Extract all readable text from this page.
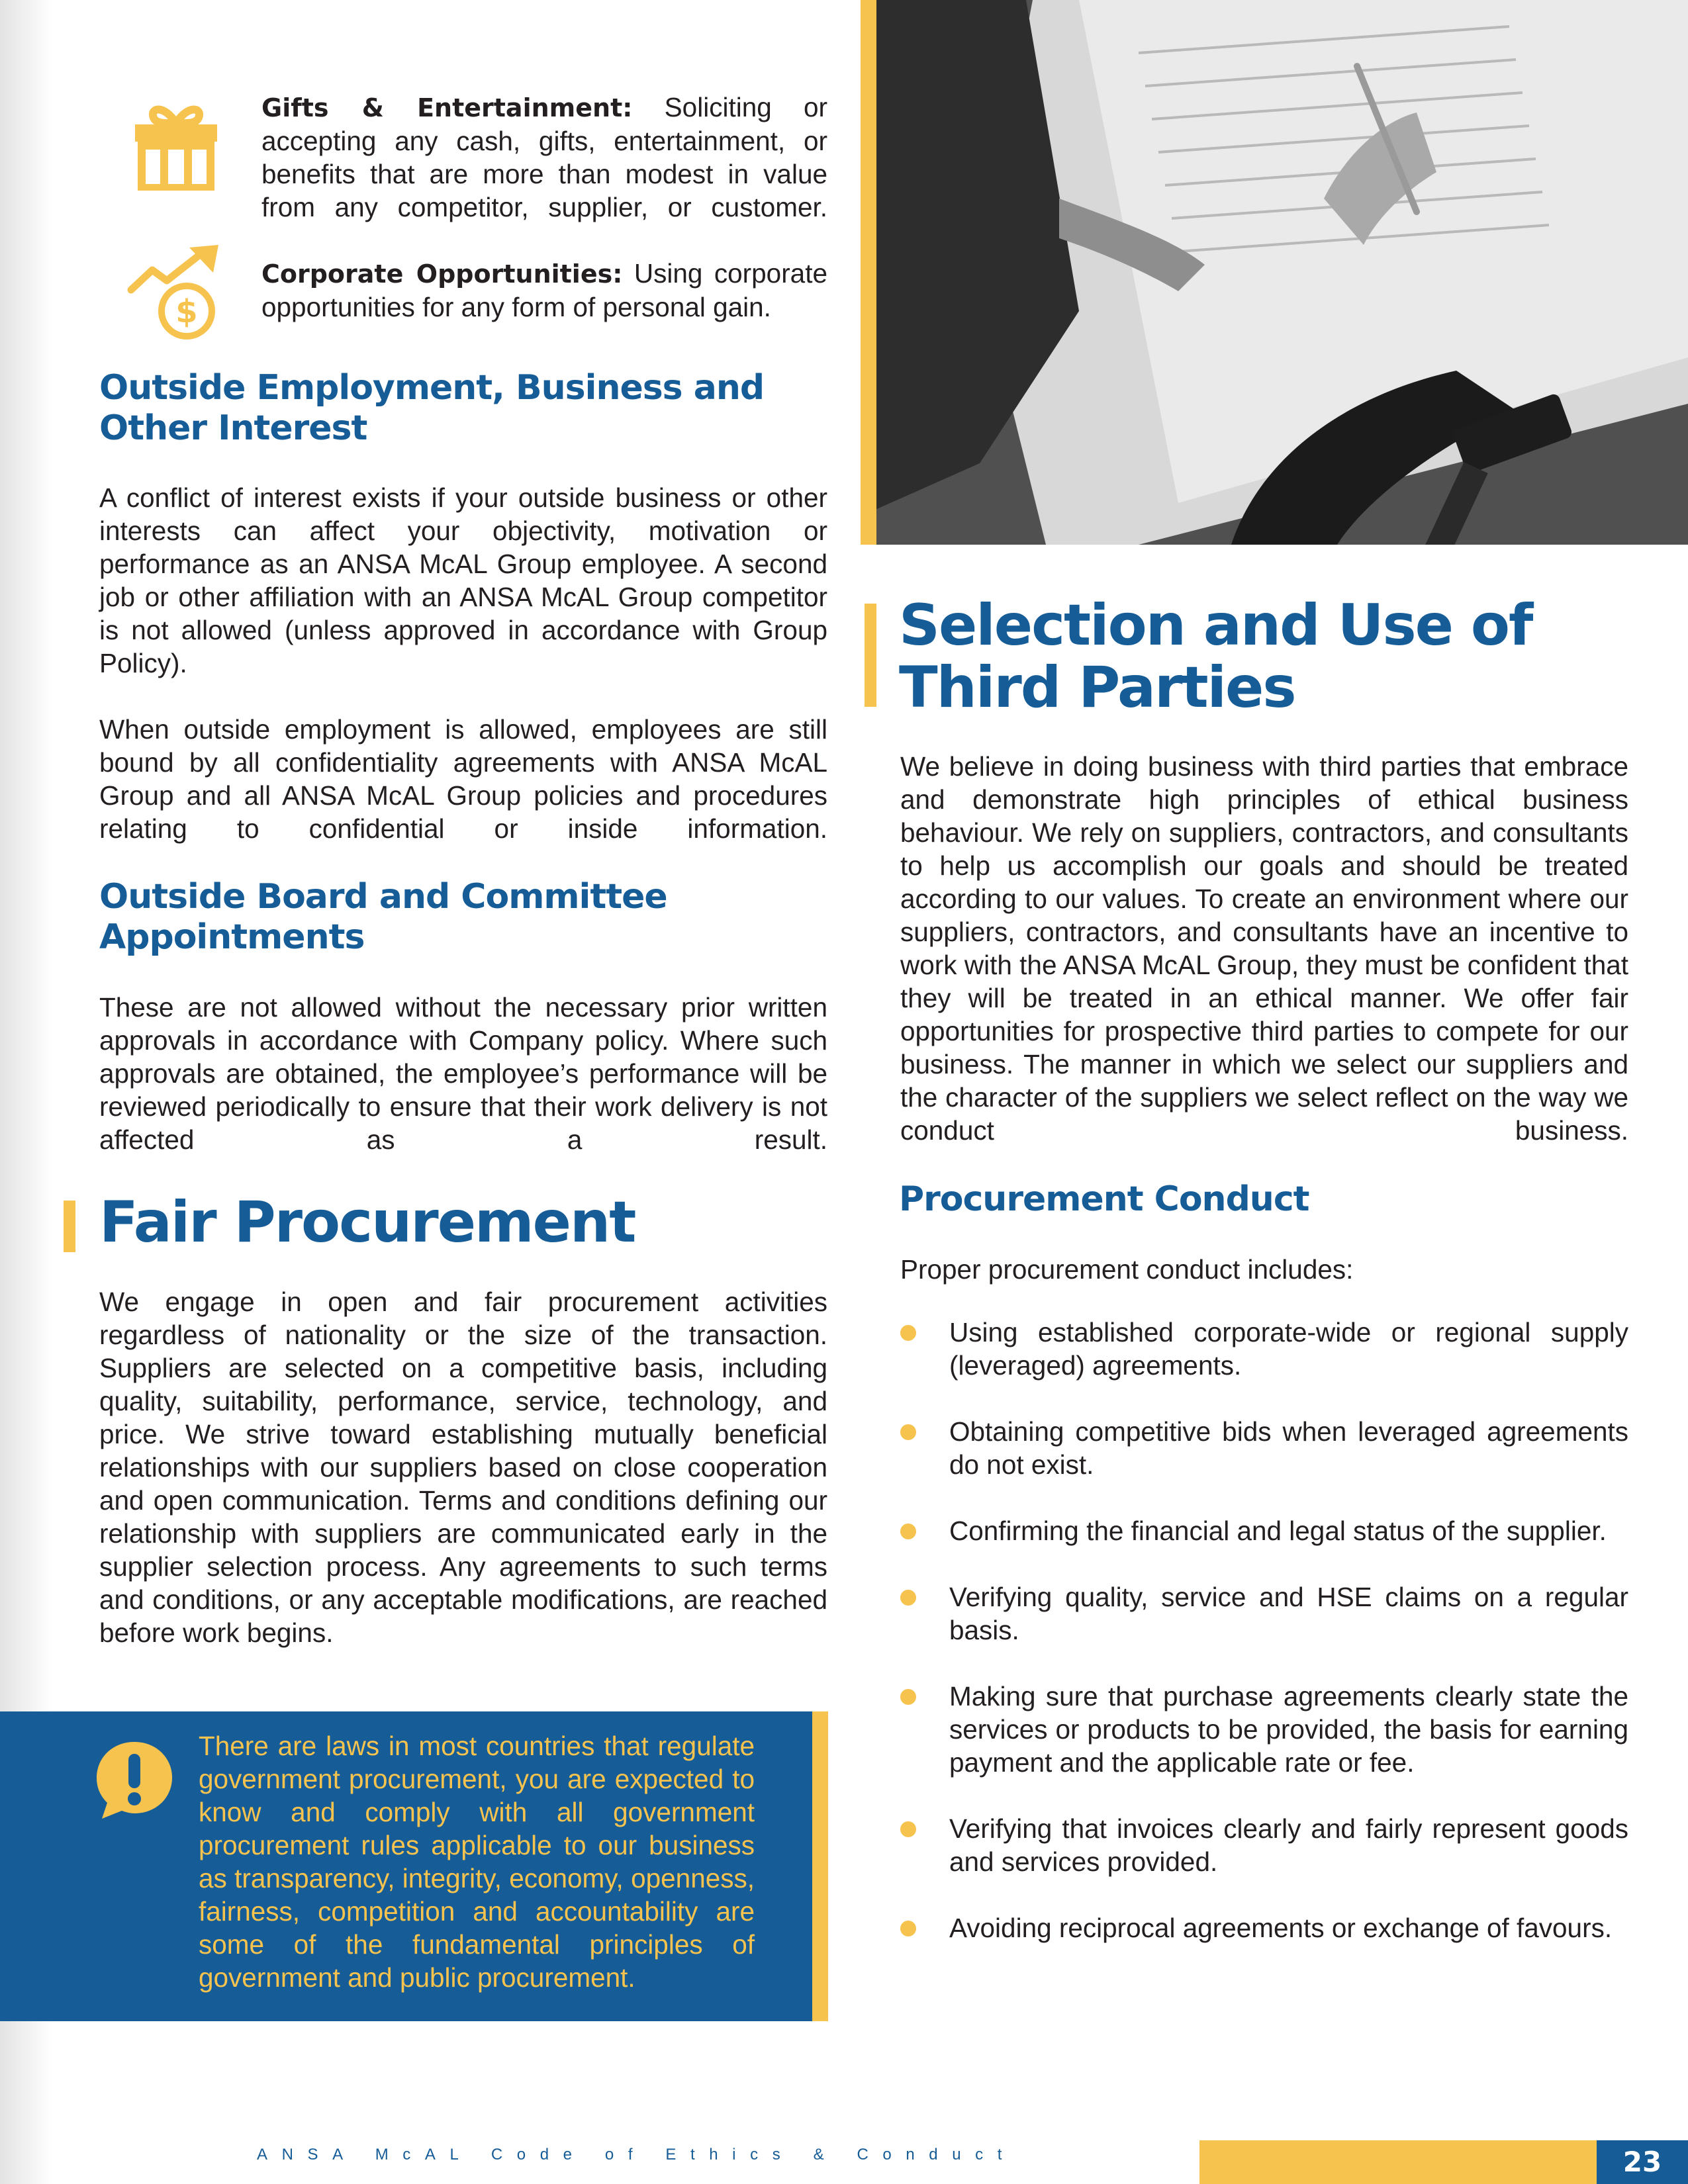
Gifts & Entertainment: Soliciting or accepting any cash, gifts, entertainment, or benefits that are more than modest in value from any competitor, supplier, or customer.
$
Corporate Opportunities: Using corporate opportunities for any form of personal gain.
Outside Employment, Business and
Other Interest
A conflict of interest exists if your outside business or other interests can affect your objectivity, motivation or performance as an ANSA McAL Group employee. A second job or other affiliation with an ANSA McAL Group competitor is not allowed (unless approved in accordance with Group Policy).
When outside employment is allowed, employees are still bound by all confidentiality agreements with ANSA McAL Group and all ANSA McAL Group policies and procedures relating to confidential or inside information.
Outside Board and Committee
Appointments
These are not allowed without the necessary prior written approvals in accordance with Company policy. Where such approvals are obtained, the employee’s performance will be reviewed periodically to ensure that their work delivery is not affected as a result.
Fair Procurement
We engage in open and fair procurement activities regardless of nationality or the size of the transaction. Suppliers are selected on a competitive basis, including quality, suitability, performance, service, technology, and price. We strive toward establishing mutually beneficial relationships with our suppliers based on close cooperation and open communication. Terms and conditions defining our relationship with suppliers are communicated early in the supplier selection process. Any agreements to such terms and conditions, or any acceptable modifications, are reached before work begins.
There are laws in most countries that regulate government procurement, you are expected to know and comply with all government procurement rules applicable to our business as transparency, integrity, economy, openness, fairness, competition and accountability are some of the fundamental principles of government and public procurement.
Selection and Use of
Third Parties
We believe in doing business with third parties that embrace and demonstrate high principles of ethical business behaviour. We rely on suppliers, contractors, and consultants to help us accomplish our goals and should be treated according to our values. To create an environment where our suppliers, contractors, and consultants have an incentive to work with the ANSA McAL Group, they must be confident that they will be treated in an ethical manner. We offer fair opportunities for prospective third parties to compete for our business. The manner in which we select our suppliers and the character of the suppliers we select reflect on the way we conduct business.
Procurement Conduct
Proper procurement conduct includes:
Using established corporate-wide or regional supply (leveraged) agreements.
Obtaining competitive bids when leveraged agreements do not exist.
Confirming the financial and legal status of the supplier.
Verifying quality, service and HSE claims on a regular basis.
Making sure that purchase agreements clearly state the services or products to be provided, the basis for earning payment and the applicable rate or fee.
Verifying that invoices clearly and fairly represent goods and services provided.
Avoiding reciprocal agreements or exchange of favours.
ANSA McAL Code of Ethics & Conduct	23
